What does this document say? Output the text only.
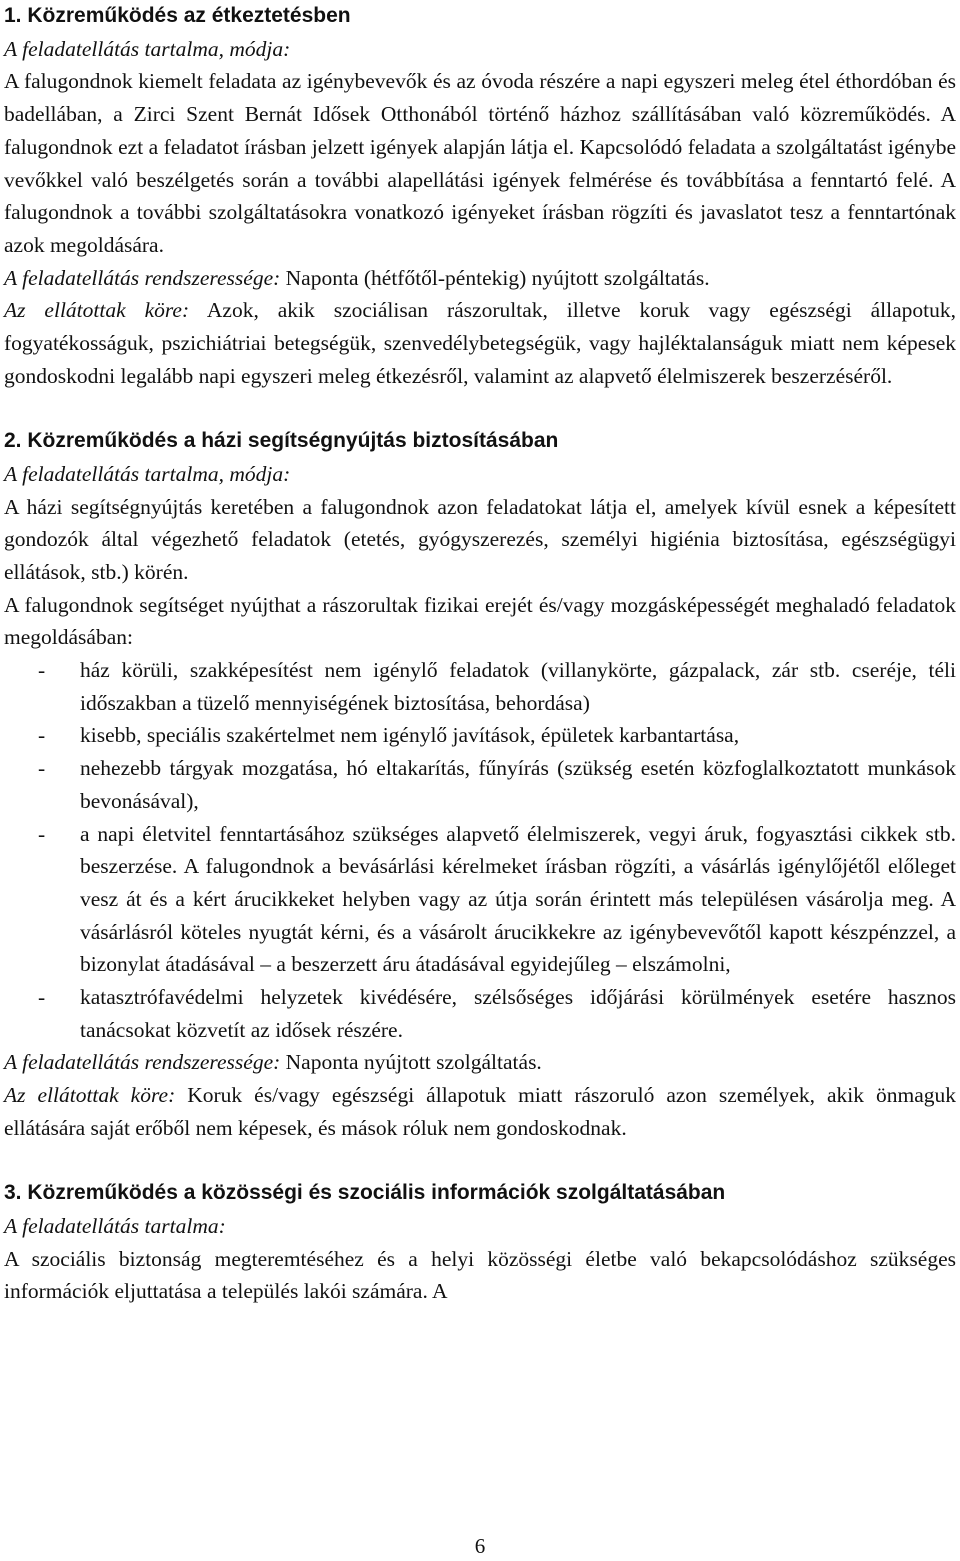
1. Közreműködés az étkeztetésben

A feladatellátás tartalma, módja:

A falugondnok kiemelt feladata az igénybevevők és az óvoda részére a napi egyszeri meleg étel éthordóban és badellában, a Zirci Szent Bernát Idősek Otthonából történő házhoz szállításában való közreműködés. A falugondnok ezt a feladatot írásban jelzett igények alapján látja el. Kapcsolódó feladata a szolgáltatást igénybe vevőkkel való beszélgetés során a további alapellátási igények felmérése és továbbítása a fenntartó felé. A falugondnok a további szolgáltatásokra vonatkozó igényeket írásban rögzíti és javaslatot tesz a fenntartónak azok megoldására.

A feladatellátás rendszeressége: Naponta (hétfőtől-péntekig) nyújtott szolgáltatás.

Az ellátottak köre: Azok, akik szociálisan rászorultak, illetve koruk vagy egészségi állapotuk, fogyatékosságuk, pszichiátriai betegségük, szenvedélybetegségük, vagy hajléktalanságuk miatt nem képesek gondoskodni legalább napi egyszeri meleg étkezésről, valamint az alapvető élelmiszerek beszerzéséről.

2. Közreműködés a házi segítségnyújtás biztosításában

A feladatellátás tartalma, módja:

A házi segítségnyújtás keretében a falugondnok azon feladatokat látja el, amelyek kívül esnek a képesített gondozók által végezhető feladatok (etetés, gyógyszerezés, személyi higiénia biztosítása, egészségügyi ellátások, stb.) körén.

A falugondnok segítséget nyújthat a rászorultak fizikai erejét és/vagy mozgásképességét meghaladó feladatok megoldásában:

- ház körüli, szakképesítést nem igénylő feladatok (villanykörte, gázpalack, zár stb. cseréje, téli időszakban a tüzelő mennyiségének biztosítása, behordása)
- kisebb, speciális szakértelmet nem igénylő javítások, épületek karbantartása,
- nehezebb tárgyak mozgatása, hó eltakarítás, fűnyírás (szükség esetén közfoglalkoztatott munkások bevonásával),
- a napi életvitel fenntartásához szükséges alapvető élelmiszerek, vegyi áruk, fogyasztási cikkek stb. beszerzése. A falugondnok a bevásárlási kérelmeket írásban rögzíti, a vásárlás igénylőjétől előleget vesz át és a kért árucikkeket helyben vagy az útja során érintett más településen vásárolja meg. A vásárlásról köteles nyugtát kérni, és a vásárolt árucikkekre az igénybevevőtől kapott készpénzzel, a bizonylat átadásával – a beszerzett áru átadásával egyidejűleg – elszámolni,
- katasztrófavédelmi helyzetek kivédésére, szélsőséges időjárási körülmények esetére hasznos tanácsokat közvetít az idősek részére.

A feladatellátás rendszeressége: Naponta nyújtott szolgáltatás.

Az ellátottak köre: Koruk és/vagy egészségi állapotuk miatt rászoruló azon személyek, akik önmaguk ellátására saját erőből nem képesek, és mások róluk nem gondoskodnak.

3. Közreműködés a közösségi és szociális információk szolgáltatásában

A feladatellátás tartalma:

A szociális biztonság megteremtéséhez és a helyi közösségi életbe való bekapcsolódáshoz szükséges információk eljuttatása a település lakói számára. A

6
